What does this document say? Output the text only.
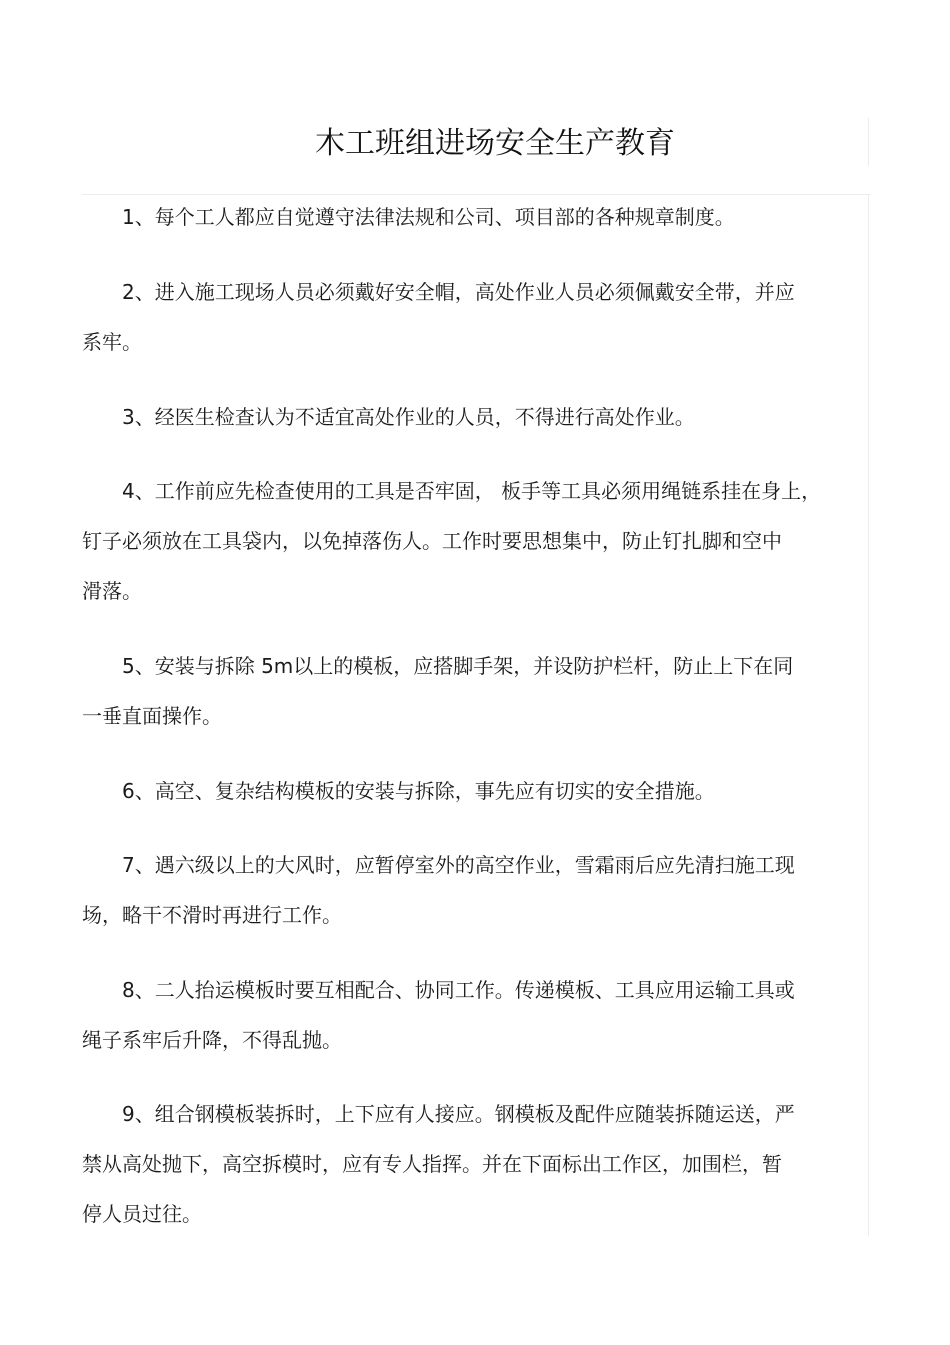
木工班组进场安全生产教育
1、每个工人都应自觉遵守法律法规和公司、项目部的各种规章制度。
2、进入施工现场人员必须戴好安全帽，高处作业人员必须佩戴安全带，并应
系牢。
3、经医生检查认为不适宜高处作业的人员，不得进行高处作业。
4、工作前应先检查使用的工具是否牢固， 板手等工具必须用绳链系挂在身上，
钉子必须放在工具袋内，以免掉落伤人。工作时要思想集中，防止钉扎脚和空中
滑落。
5、安装与拆除 5m以上的模板，应搭脚手架，并设防护栏杆，防止上下在同
一垂直面操作。
6、高空、复杂结构模板的安装与拆除，事先应有切实的安全措施。
7、遇六级以上的大风时，应暂停室外的高空作业，雪霜雨后应先清扫施工现
场，略干不滑时再进行工作。
8、二人抬运模板时要互相配合、协同工作。传递模板、工具应用运输工具或
绳子系牢后升降，不得乱抛。
9、组合钢模板装拆时，上下应有人接应。钢模板及配件应随装拆随运送，严
禁从高处抛下，高空拆模时，应有专人指挥。并在下面标出工作区，加围栏，暂
停人员过往。
